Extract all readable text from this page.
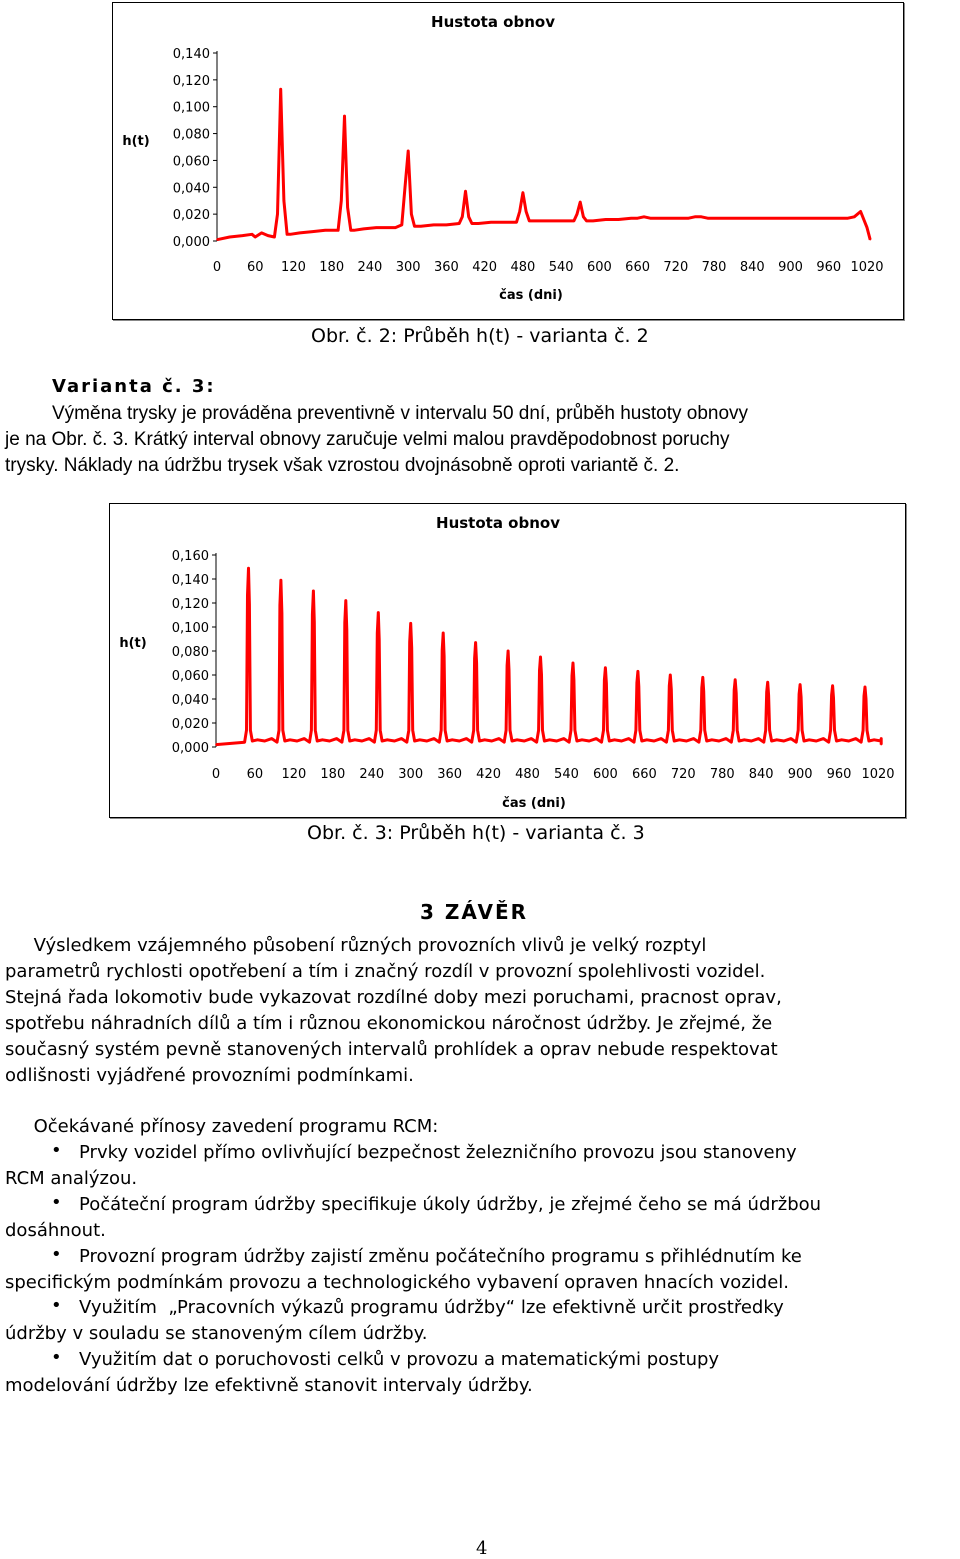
Hustota obnov
h(t)
čas (dni)
0,000
0,020
0,040
0,060
0,080
0,100
0,120
0,140
0 60 120 180 240 300 360 420 480 540 600 660 720 780 840 900 960 1020
Obr. č. 2: Průběh h(t) - varianta č. 2
Varianta č. 3:
Výměna trysky je prováděna preventivně v intervalu 50 dní, průběh hustoty obnovy
je na Obr. č. 3. Krátký interval obnovy zaručuje velmi malou pravděpodobnost poruchy
trysky. Náklady na údržbu trysek však vzrostou dvojnásobně oproti variantě č. 2.
Hustota obnov
h(t)
čas (dni)
0,000
0,020
0,040
0,060
0,080
0,100
0,120
0,140
0,160
0 60 120 180 240 300 360 420 480 540 600 660 720 780 840 900 960 1020
Obr. č. 3: Průběh h(t) - varianta č. 3
3 ZÁVĚR
Výsledkem vzájemného působení různých provozních vlivů je velký rozptyl
parametrů rychlosti opotřebení a tím i značný rozdíl v provozní spolehlivosti vozidel.
Stejná řada lokomotiv bude vykazovat rozdílné doby mezi poruchami, pracnost oprav,
spotřebu náhradních dílů a tím i různou ekonomickou náročnost údržby. Je zřejmé, že
současný systém pevně stanovených intervalů prohlídek a oprav nebude respektovat
odlišnosti vyjádřené provozními podmínkami.
Očekávané přínosy zavedení programu RCM:
• Prvky vozidel přímo ovlivňující bezpečnost železničního provozu jsou stanoveny
RCM analýzou.
• Počáteční program údržby specifikuje úkoly údržby, je zřejmé čeho se má údržbou
dosáhnout.
• Provozní program údržby zajistí změnu počátečního programu s přihlédnutím ke
specifickým podmínkám provozu a technologického vybavení opraven hnacích vozidel.
• Využitím  „Pracovních výkazů programu údržby“ lze efektivně určit prostředky
údržby v souladu se stanoveným cílem údržby.
• Využitím dat o poruchovosti celků v provozu a matematickými postupy
modelování údržby lze efektivně stanovit intervaly údržby.
4
